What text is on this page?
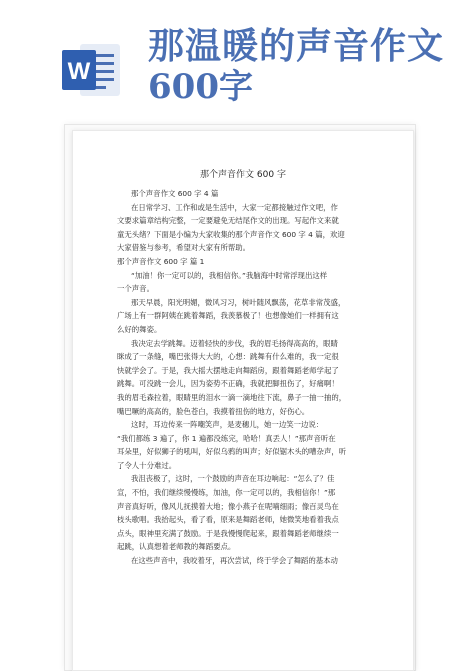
W
那温暖的声音作文
600字
那个声音作文 600 字
那个声音作文 600 字 4 篇
在日常学习、工作和或是生活中，大家一定都接触过作文吧，作
文要求篇章结构完整，一定要避免无结尾作文的出现。写起作文来就
童无头绪？下面是小编为大家收集的那个声音作文 600 字 4 篇，欢迎
大家借鉴与参考，希望对大家有所帮助。
那个声音作文 600 字 篇 1
“加油！你一定可以的，我相信你。”我脑海中时常浮现出这样
一个声音。
那天早晨，阳光明媚，微风习习，树叶随风飘荡，花草非常茂盛，
广场上有一群阿姨在跳着舞蹈，我羡慕极了！也想像她们一样拥有这
么好的舞姿。
我决定去学跳舞。迈着轻快的步伐，我的眉毛扬得高高的，眼睛
眯成了一条缝，嘴巴张得大大的，心想：跳舞有什么难的，我一定很
快就学会了。于是，我大摇大摆地走向舞蹈房，跟着舞蹈老师学起了
跳舞。可没跳一会儿，因为姿势不正确，我就把脚扭伤了，好痛啊！
我的眉毛森拉着，眼睛里的泪水一滴一滴地往下流，鼻子一抽一抽的，
嘴巴噘的高高的，脸色苍白，我摸着扭伤的地方，好伤心。
这时，耳边传来一阵嘲笑声，是麦穗儿，她一边笑一边说：
“我们都练 3 遍了，你 1 遍都没练完，哈哈！真丢人！”那声音听在
耳朵里，好似狮子的吼叫，好似乌鸦的叫声；好似锯木头的嘈杂声，听
了令人十分难过。
我沮丧极了，这时，一个鼓励的声音在耳边响起：“怎么了？佳
宣，不怕，我们继续慢慢练，加油，你一定可以的，我相信你！”那
声音真好听，像风儿抚摸着大地；像小燕子在呢喃细雨；像百灵鸟在
枝头歌唱。我抬起头，看了看，原来是舞蹈老师，她微笑地看着我点
点头，眼神里充满了鼓励。于是我慢慢爬起来，跟着舞蹈老师继续一
起跳，认真想着老师教的舞蹈要点。
在这些声音中，我咬着牙，再次尝试，终于学会了舞蹈的基本动
